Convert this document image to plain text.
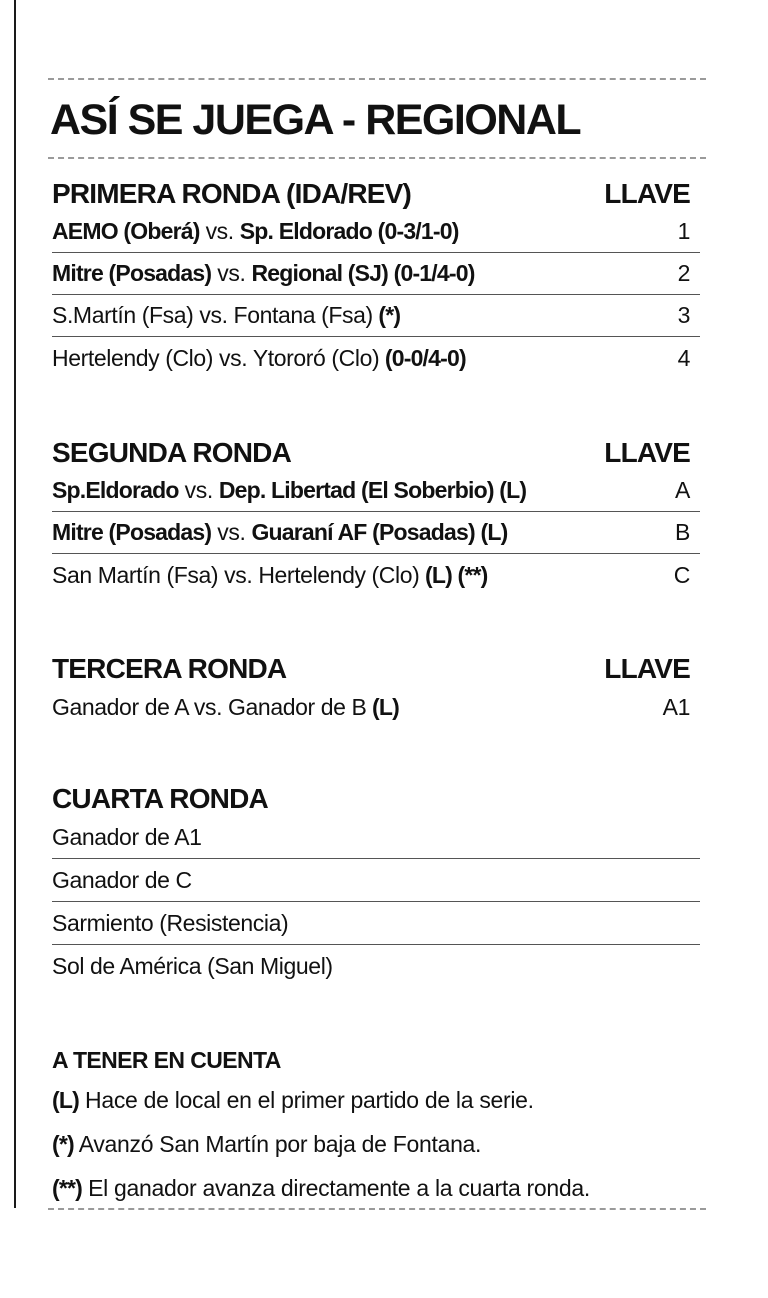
ASÍ SE JUEGA - REGIONAL
PRIMERA RONDA (IDA/REV)	LLAVE
AEMO (Oberá) vs. Sp. Eldorado (0-3/1-0)	1
Mitre (Posadas) vs. Regional (SJ) (0-1/4-0)	2
S.Martín (Fsa) vs. Fontana (Fsa) (*)	3
Hertelendy (Clo) vs. Ytororó (Clo) (0-0/4-0)	4
SEGUNDA RONDA	LLAVE
Sp.Eldorado vs. Dep. Libertad (El Soberbio) (L)	A
Mitre (Posadas) vs. Guaraní AF (Posadas) (L)	B
San Martín (Fsa) vs. Hertelendy (Clo) (L) (**)	C
TERCERA RONDA	LLAVE
Ganador de A vs. Ganador de B (L)	A1
CUARTA RONDA
Ganador de A1
Ganador de C
Sarmiento (Resistencia)
Sol de América (San Miguel)
A TENER EN CUENTA
(L) Hace de local en el primer partido de la serie.
(*) Avanzó San Martín por baja de Fontana.
(**) El ganador avanza directamente a la cuarta ronda.
